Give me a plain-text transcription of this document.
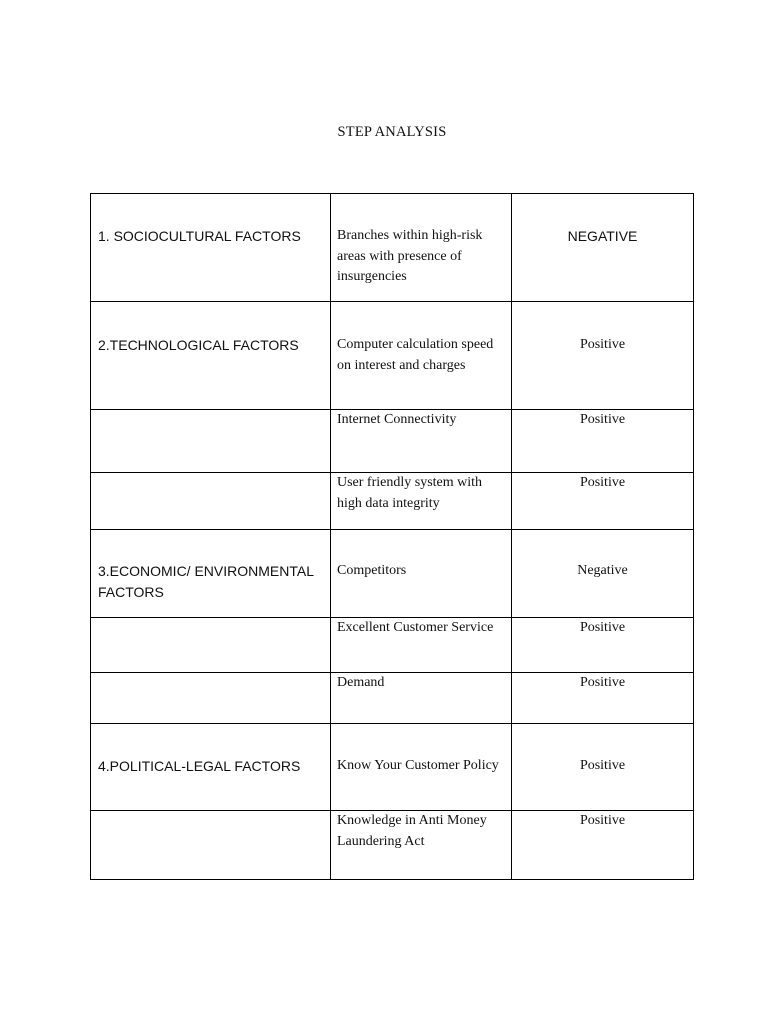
STEP ANALYSIS
1. SOCIOCULTURAL FACTORS	Branches within high-risk areas with presence of insurgencies	NEGATIVE

2.TECHNOLOGICAL FACTORS	Computer calculation speed on interest and charges	Positive

	Internet Connectivity	Positive

	User friendly system with high data integrity	Positive

3.ECONOMIC/ ENVIRONMENTAL FACTORS	Competitors	Negative

	Excellent Customer Service	Positive

	Demand	Positive

4.POLITICAL-LEGAL FACTORS	Know Your Customer Policy	Positive

	Knowledge in Anti Money Laundering Act	Positive
